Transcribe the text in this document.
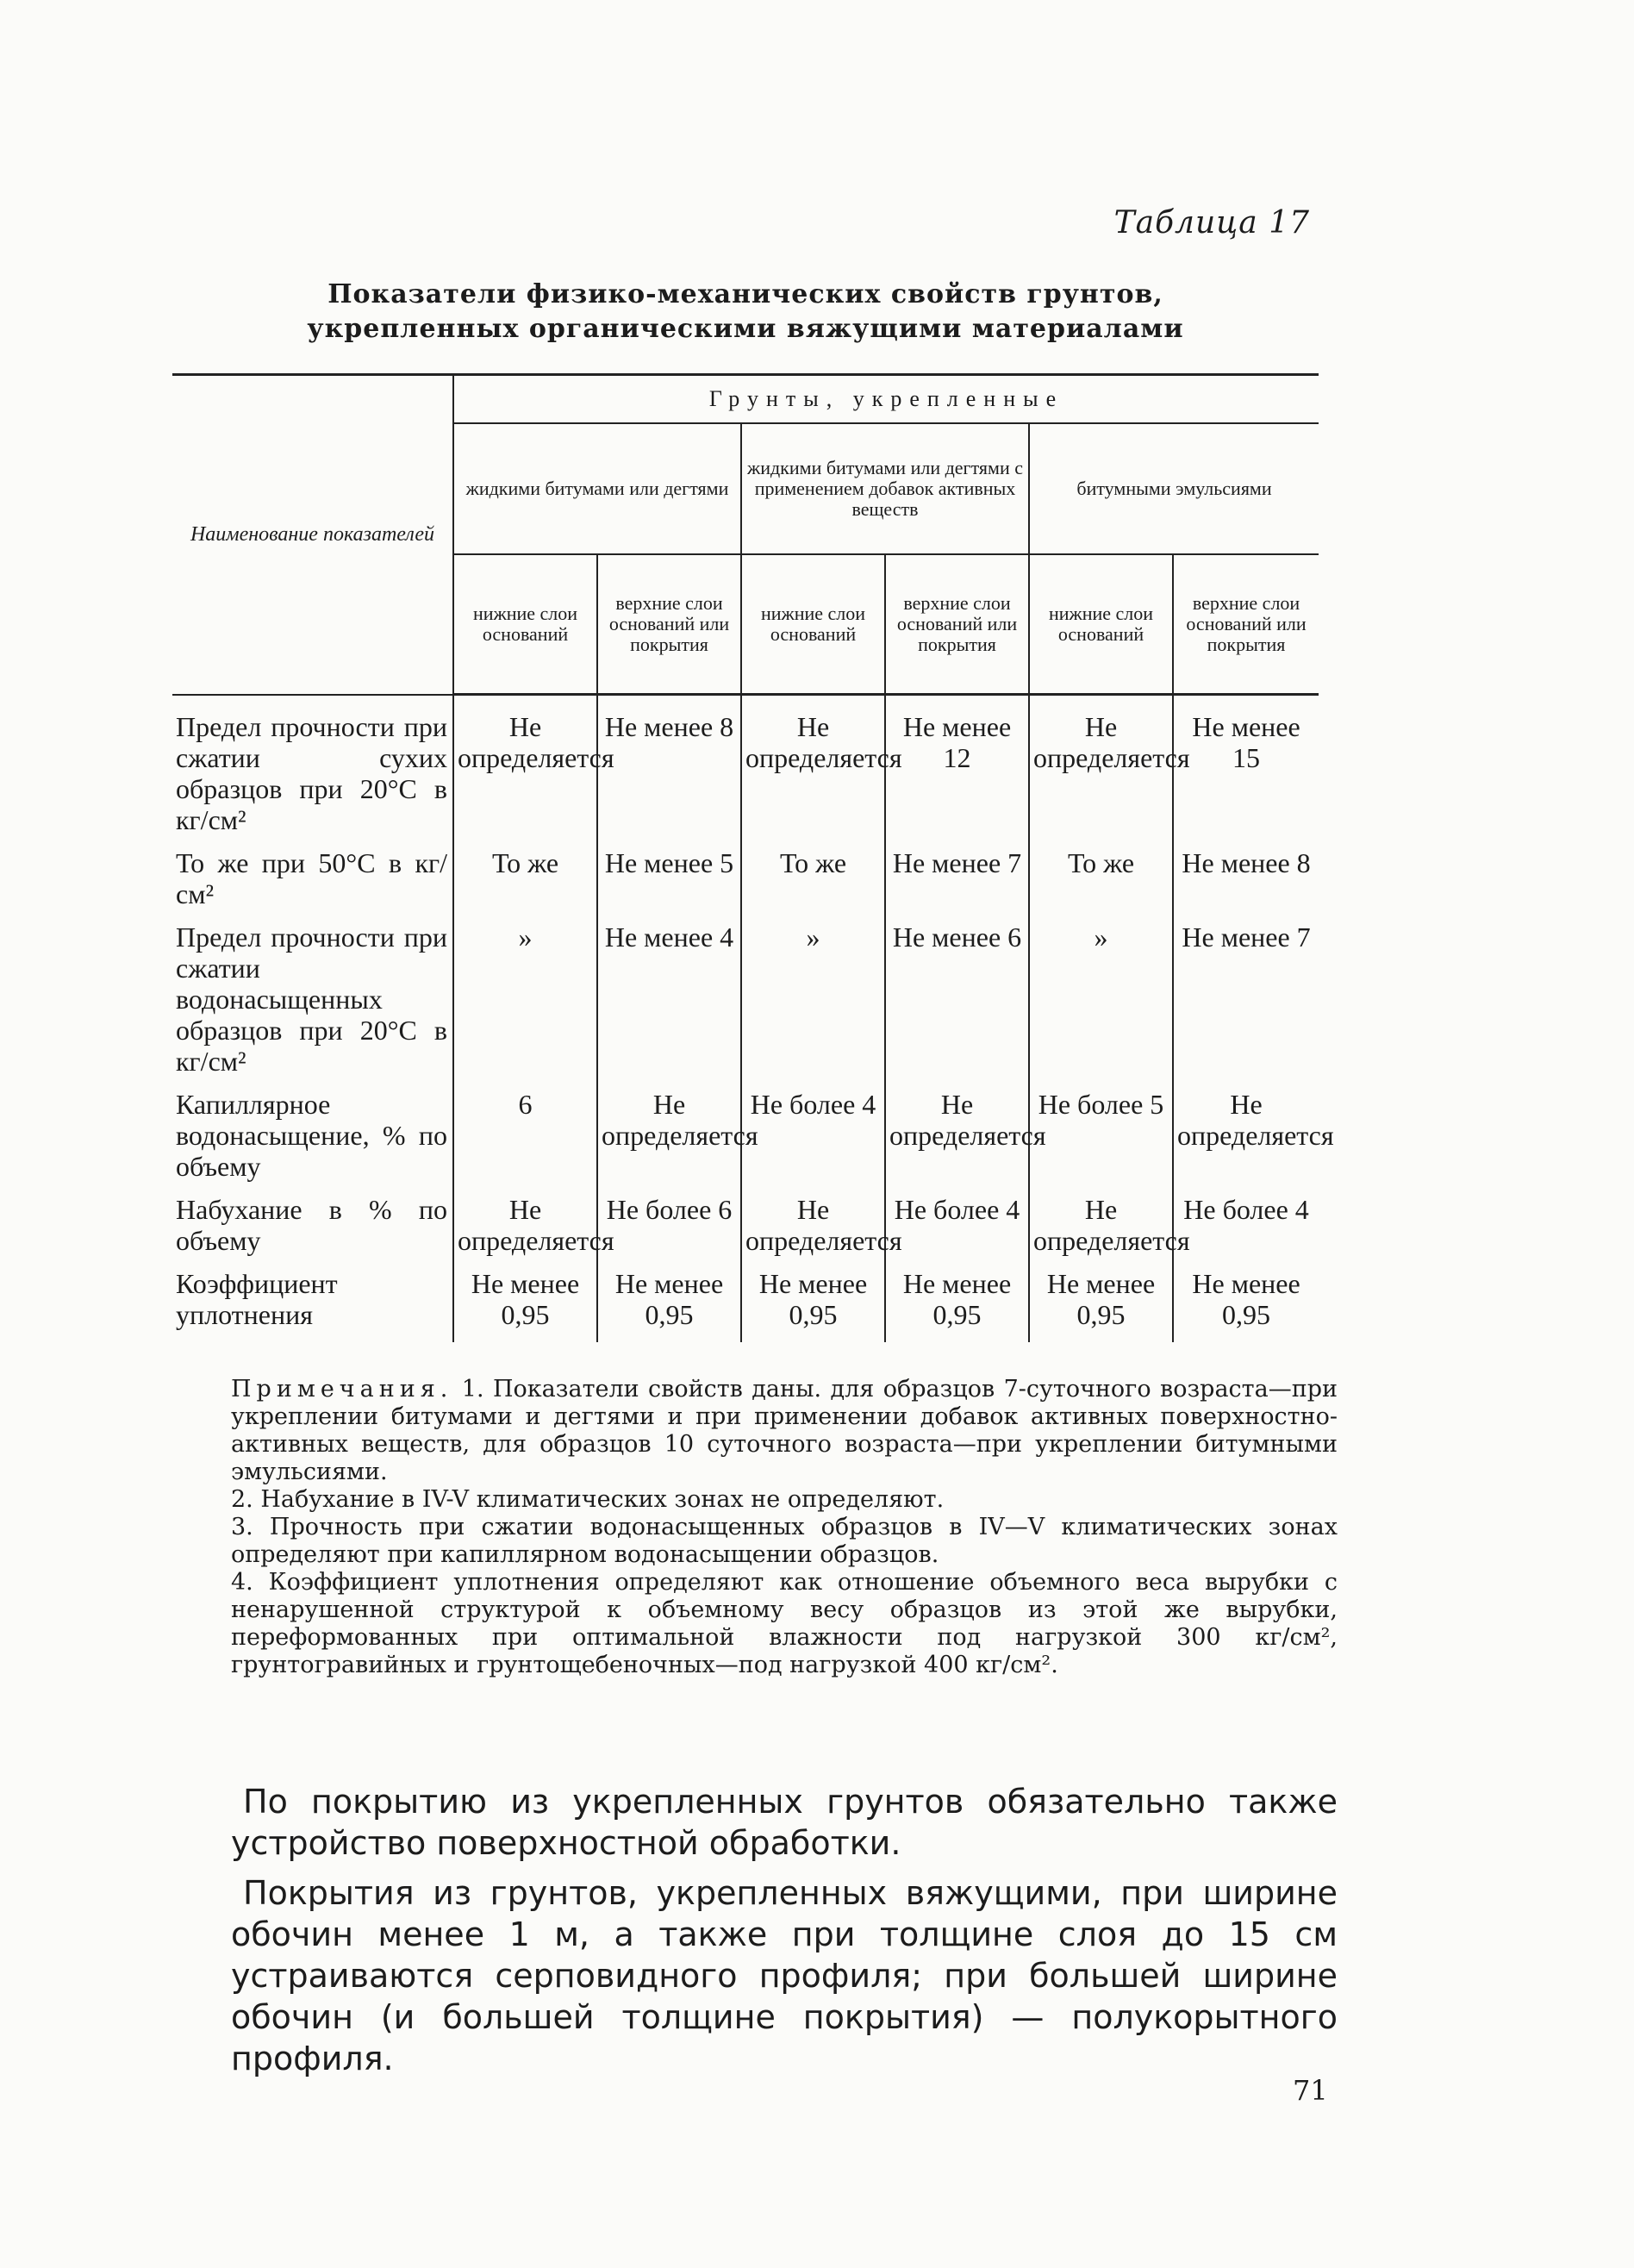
Таблица 17
Показатели физико-механических свойств грунтов,
укрепленных органическими вяжущими материалами
Наименование показателей	Грунты, укрепленные					
	жидкими битумами или дегтями		жидкими битумами или дегтями с применением добавок активных веществ		битумными эмульсиями	
	нижние слои оснований	верхние слои оснований или покрытия	нижние слои оснований	верхние слои оснований или покрытия	нижние слои оснований	верхние слои оснований или покрытия
Предел прочности при сжатии сухих образцов при 20°С в кг/см²	Не определяется	Не менее 8	Не определяется	Не менее 12	Не определяется	Не менее 15
То же при 50°С в кг/см²	То же	Не менее 5	То же	Не менее 7	То же	Не менее 8
Предел прочности при сжатии водонасыщенных образцов при 20°С в кг/см²	»	Не менее 4	»	Не менее 6	»	Не менее 7
Капиллярное водонасыщение, % по объему	6	Не определяется	Не более 4	Не определяется	Не более 5	Не определяется
Набухание в % по объему	Не определяется	Не более 6	Не определяется	Не более 4	Не определяется	Не более 4
Коэффициент уплотнения	Не менее 0,95	Не менее 0,95	Не менее 0,95	Не менее 0,95	Не менее 0,95	Не менее 0,95

Примечания. 1. Показатели свойств даны. для образцов 7-суточного возраста—при укреплении битумами и дегтями и при применении добавок активных поверхностно-активных веществ, для образцов 10 суточного возраста—при укреплении битумными эмульсиями.

2. Набухание в IV-V климатических зонах не определяют.

3. Прочность при сжатии водонасыщенных образцов в IV—V климатических зонах определяют при капиллярном водонасыщении образцов.

4. Коэффициент уплотнения определяют как отношение объемного веса вырубки с ненарушенной структурой к объемному весу образцов из этой же вырубки, переформованных при оптимальной влажности под нагрузкой 300 кг/см², грунтогравийных и грунтощебеночных—под нагрузкой 400 кг/см².

По покрытию из укрепленных грунтов обязательно также устройство поверхностной обработки.

Покрытия из грунтов, укрепленных вяжущими, при ширине обочин менее 1 м, а также при толщине слоя до 15 см устраиваются серповидного профиля; при большей ширине обочин (и большей толщине покрытия) — полукорытного профиля.

71
